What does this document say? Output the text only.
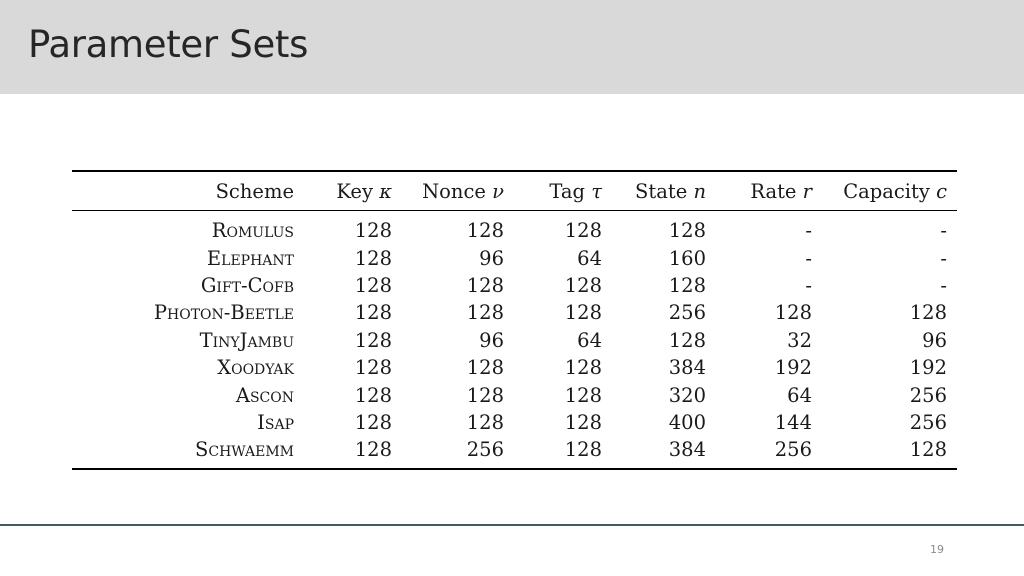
Parameter Sets
Scheme	Key κ	Nonce ν	Tag τ	State n	Rate r	Capacity c
Romulus	128	128	128	128	-	-
Elephant	128	96	64	160	-	-
Gift-Cofb	128	128	128	128	-	-
Photon-Beetle	128	128	128	256	128	128
TinyJambu	128	96	64	128	32	96
Xoodyak	128	128	128	384	192	192
Ascon	128	128	128	320	64	256
Isap	128	128	128	400	144	256
Schwaemm	128	256	128	384	256	128
19
